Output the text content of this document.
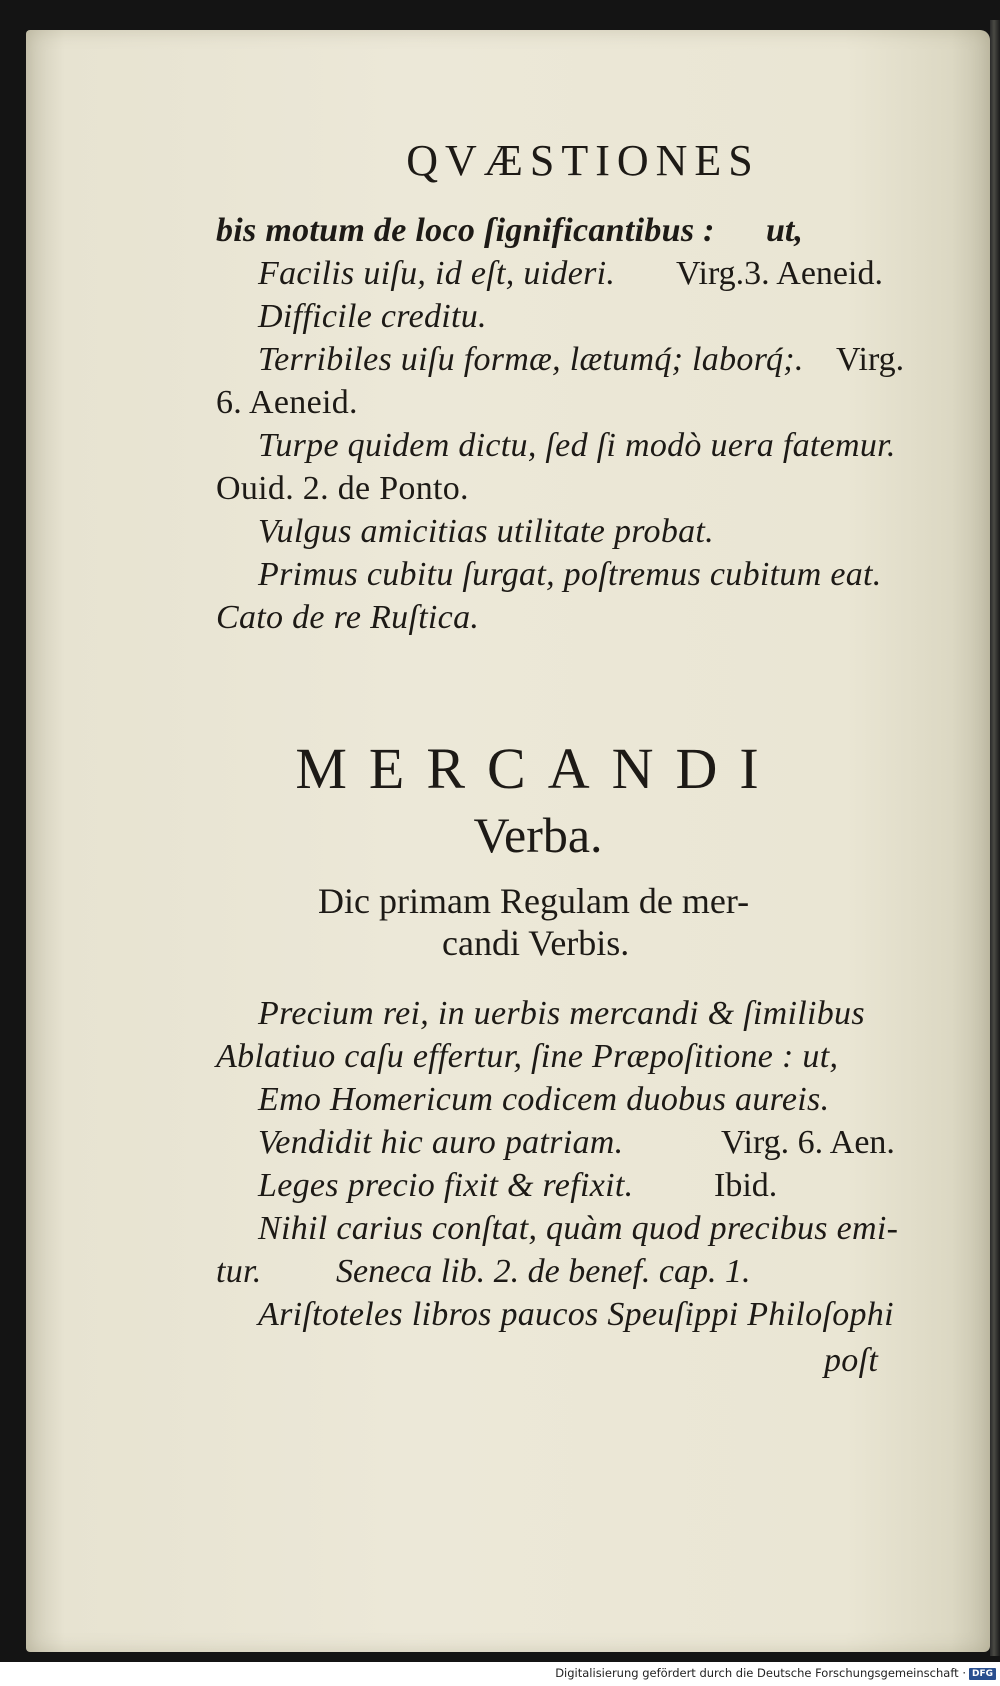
QVÆSTIONES
bis motum de loco ſignificantibus : ut,
Facilis uiſu, id eſt, uideri. Virg.3. Aeneid.
Difficile creditu.
Terribiles uiſu formæ, lætumq́; laborq́;. Virg.
6. Aeneid.
Turpe quidem dictu, ſed ſi modò uera fatemur.
Ouid. 2. de Ponto.
Vulgus amicitias utilitate probat.
Primus cubitu ſurgat, poſtremus cubitum eat.
Cato de re Ruſtica.
MERCANDI
Verba.
Dic primam Regulam de mer-
candi Verbis.
Precium rei, in uerbis mercandi & ſimilibus
Ablatiuo caſu effertur, ſine Præpoſitione : ut,
Emo Homericum codicem duobus aureis.
Vendidit hic auro patriam.	Virg. 6. Aen.
Leges precio fixit & refixit. Ibid.
Nihil carius conſtat, quàm quod precibus emi-
tur. Seneca lib. 2. de benef. cap. 1.
Ariſtoteles libros paucos Speuſippi Philoſophi
poſt
Digitalisierung gefördert durch die Deutsche Forschungsgemeinschaft · DFG
